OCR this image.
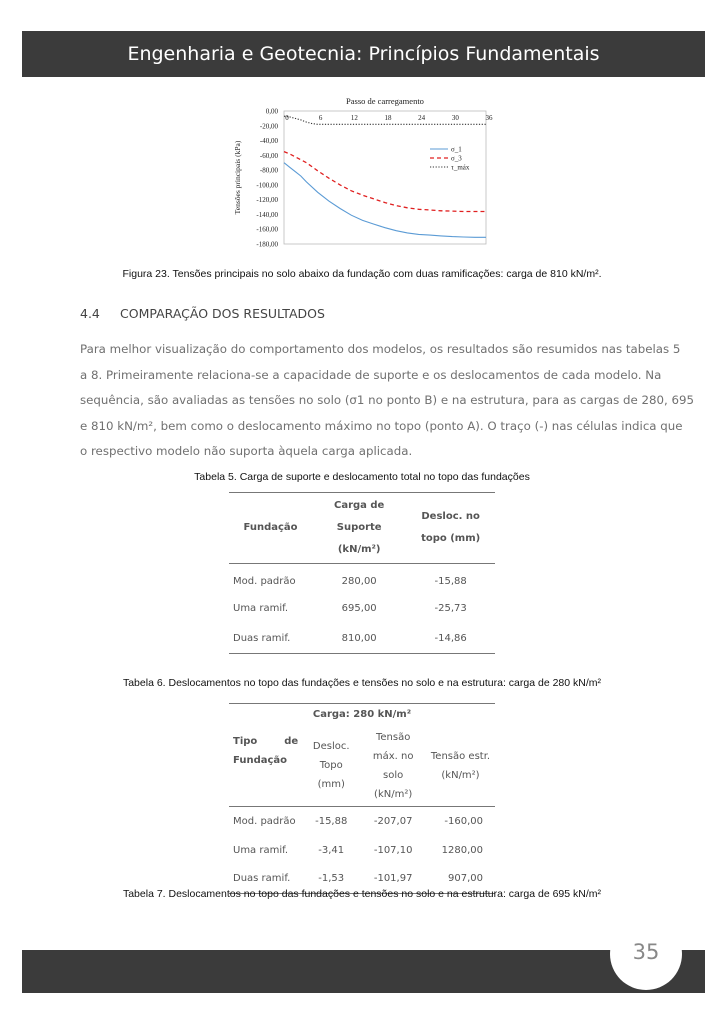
Engenharia e Geotecnia: Princípios Fundamentais
Passo de carregamento
Tensões principais (kPa)
0,00
-20,00
-40,00
-60,00
-80,00
-100,00
-120,00
-140,00
-160,00
-180,00
0	6	12	18	24	30	36
σ_1
σ_3
τ_máx
Figura 23. Tensões principais no solo abaixo da fundação com duas ramificações: carga de 810 kN/m².
4.4 COMPARAÇÃO DOS RESULTADOS
Para melhor visualização do comportamento dos modelos, os resultados são resumidos nas tabelas 5
a 8. Primeiramente relaciona-se a capacidade de suporte e os deslocamentos de cada modelo. Na
sequência, são avaliadas as tensões no solo (σ1 no ponto B) e na estrutura, para as cargas de 280, 695
e 810 kN/m², bem como o deslocamento máximo no topo (ponto A). O traço (-) nas células indica que
o respectivo modelo não suporta àquela carga aplicada.
Tabela 5. Carga de suporte e deslocamento total no topo das fundações
Fundação	Carga de Suporte (kN/m²)	Desloc. no topo (mm)
Mod. padrão	280,00	-15,88
Uma ramif.	695,00	-25,73
Duas ramif.	810,00	-14,86
Tabela 6. Deslocamentos no topo das fundações e tensões no solo e na estrutura: carga de 280 kN/m²
Carga: 280 kN/m²			

Tipo de
Fundação	Desloc. Topo (mm)	Tensão máx. no solo (kN/m²)	Tensão estr. (kN/m²)
Mod. padrão	-15,88	-207,07	-160,00
Uma ramif.	-3,41	-107,10	1280,00
Duas ramif.	-1,53	-101,97	907,00
Tabela 7. Deslocamentos no topo das fundações e tensões no solo e na estrutura: carga de 695 kN/m²
35
